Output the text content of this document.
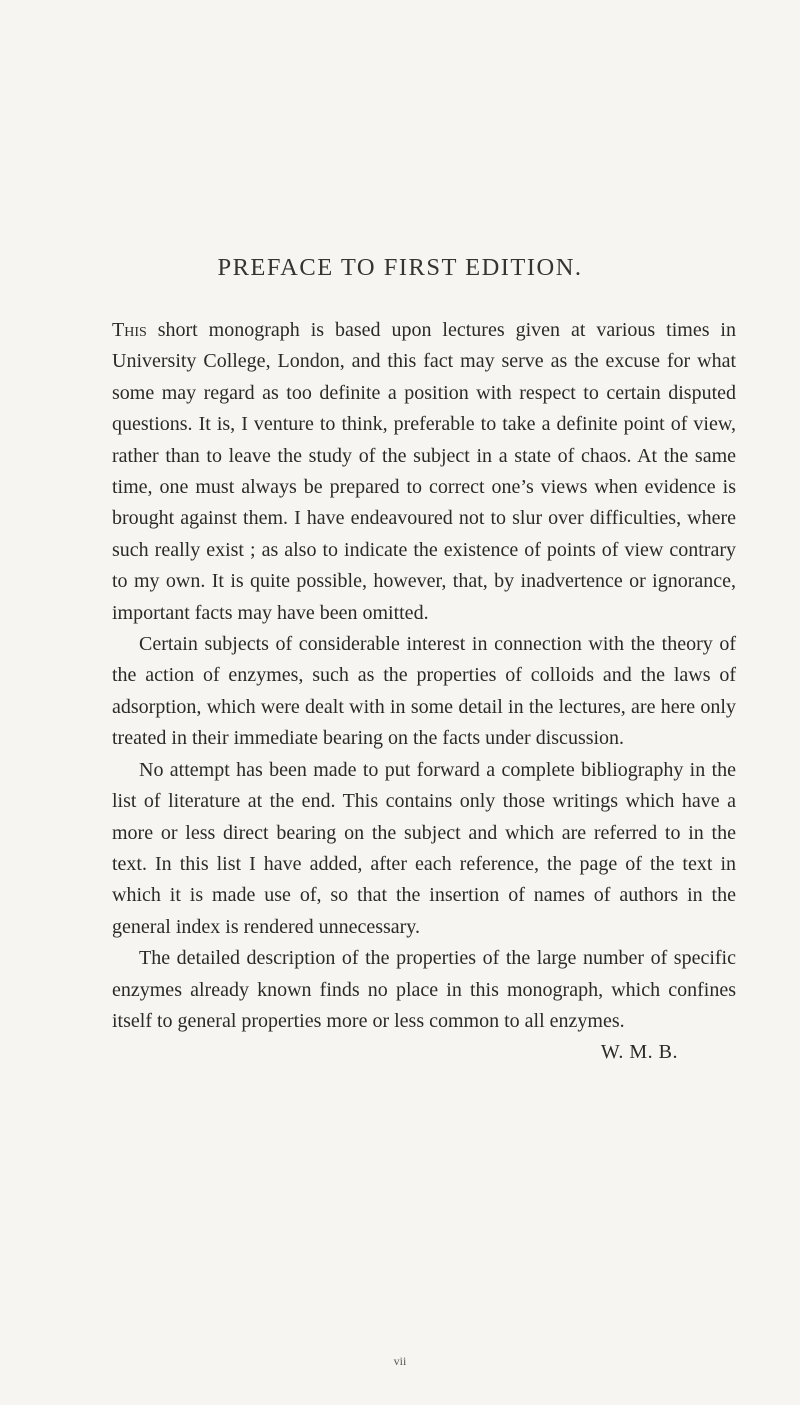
PREFACE TO FIRST EDITION.

This short monograph is based upon lectures given at various times in University College, London, and this fact may serve as the excuse for what some may regard as too definite a position with respect to certain disputed questions. It is, I venture to think, preferable to take a definite point of view, rather than to leave the study of the subject in a state of chaos. At the same time, one must always be prepared to correct one’s views when evidence is brought against them. I have endeavoured not to slur over difficulties, where such really exist ; as also to indicate the existence of points of view contrary to my own. It is quite possible, however, that, by inadvertence or ignorance, important facts may have been omitted.

Certain subjects of considerable interest in connection with the theory of the action of enzymes, such as the properties of colloids and the laws of adsorption, which were dealt with in some detail in the lectures, are here only treated in their immediate bearing on the facts under discussion.

No attempt has been made to put forward a complete bibliography in the list of literature at the end. This contains only those writings which have a more or less direct bearing on the subject and which are referred to in the text. In this list I have added, after each reference, the page of the text in which it is made use of, so that the insertion of names of authors in the general index is rendered unnecessary.

The detailed description of the properties of the large number of specific enzymes already known finds no place in this monograph, which confines itself to general properties more or less common to all enzymes.

W. M. B.

vii
